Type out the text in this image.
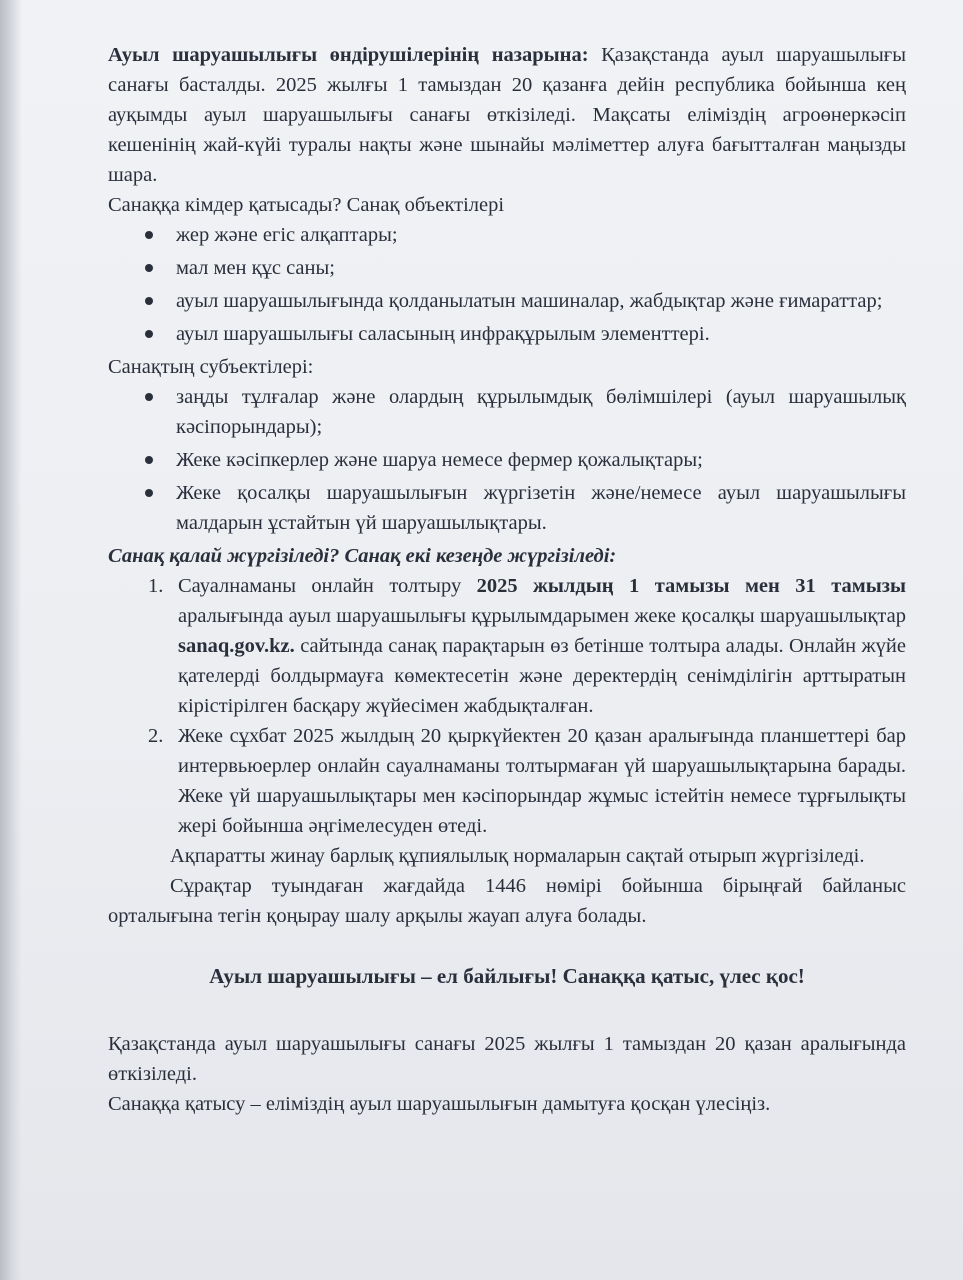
Ауыл шаруашылығы өндірушілерінің назарына: Қазақстанда ауыл шаруашылығы санағы басталды. 2025 жылғы 1 тамыздан 20 қазанға дейін республика бойынша кең ауқымды ауыл шаруашылығы санағы өткізіледі. Мақсаты еліміздің агроөнеркәсіп кешенінің жай-күйі туралы нақты және шынайы мәліметтер алуға бағытталған маңызды шара.

Санаққа кімдер қатысады? Санақ объектілері

жер және егіс алқаптары;
мал мен құс саны;
ауыл шаруашылығында қолданылатын машиналар, жабдықтар және ғимараттар;
ауыл шаруашылығы саласының инфрақұрылым элементтері.

Санақтың субъектілері:

заңды тұлғалар және олардың құрылымдық бөлімшілері (ауыл шаруашылық кәсіпорындары);
Жеке кәсіпкерлер және шаруа немесе фермер қожалықтары;
Жеке қосалқы шаруашылығын жүргізетін және/немесе ауыл шаруашылығы малдарын ұстайтын үй шаруашылықтары.

Санақ қалай жүргізіледі? Санақ екі кезеңде жүргізіледі:

1. Сауалнаманы онлайн толтыру 2025 жылдың 1 тамызы мен 31 тамызы аралығында ауыл шаруашылығы құрылымдарымен жеке қосалқы шаруашылықтар sanaq.gov.kz. сайтында санақ парақтарын өз бетінше толтыра алады. Онлайн жүйе қателерді болдырмауға көмектесетін және деректердің сенімділігін арттыратын кірістірілген басқару жүйесімен жабдықталған.
2. Жеке сұхбат 2025 жылдың 20 қыркүйектен 20 қазан аралығында планшеттері бар интервьюерлер онлайн сауалнаманы толтырмаған үй шаруашылықтарына барады. Жеке үй шаруашылықтары мен кәсіпорындар жұмыс істейтін немесе тұрғылықты жері бойынша әңгімелесуден өтеді.

Ақпаратты жинау барлық құпиялылық нормаларын сақтай отырып жүргізіледі.

Сұрақтар туындаған жағдайда 1446 нөмірі бойынша бірыңғай байланыс орталығына тегін қоңырау шалу арқылы жауап алуға болады.

Ауыл шаруашылығы – ел байлығы! Санаққа қатыс, үлес қос!

Қазақстанда ауыл шаруашылығы санағы 2025 жылғы 1 тамыздан 20 қазан аралығында өткізіледі.

Санаққа қатысу – еліміздің ауыл шаруашылығын дамытуға қосқан үлесіңіз.
